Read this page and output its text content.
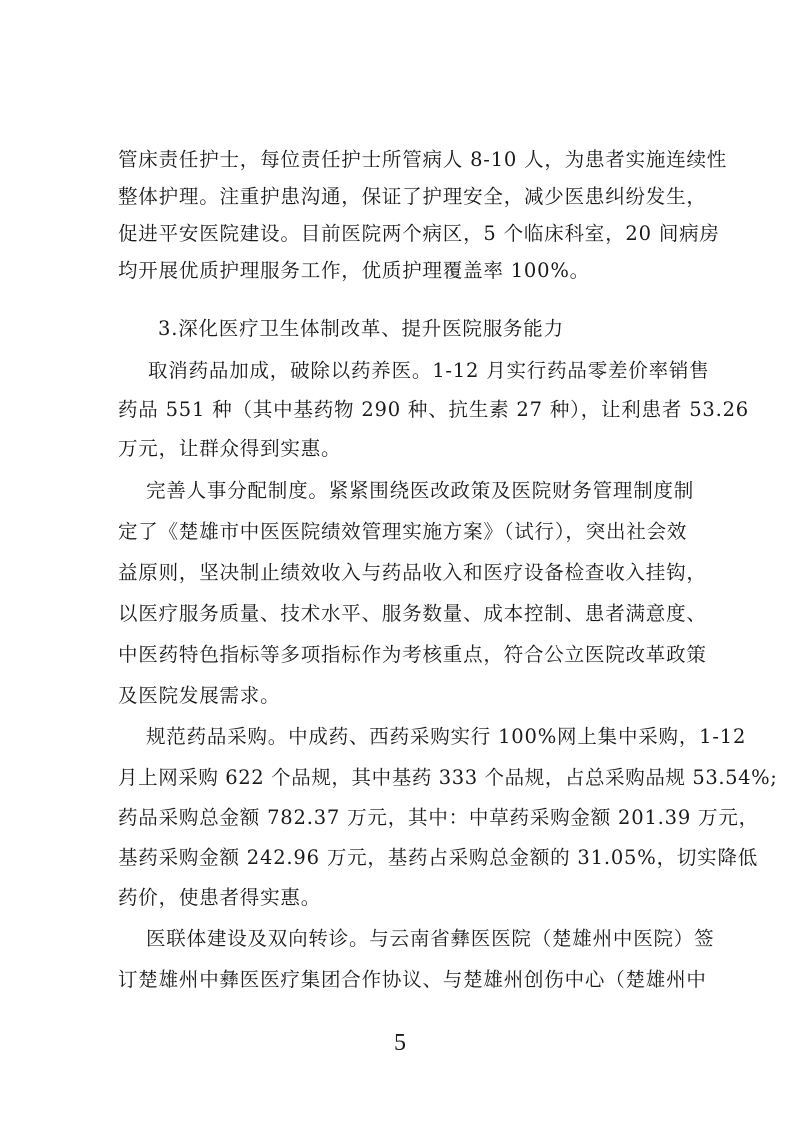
管床责任护士，每位责任护士所管病人 8-10 人，为患者实施连续性
整体护理。注重护患沟通，保证了护理安全，减少医患纠纷发生，
促进平安医院建设。目前医院两个病区，5 个临床科室，20 间病房
均开展优质护理服务工作，优质护理覆盖率 100%。
3.深化医疗卫生体制改革、提升医院服务能力
取消药品加成，破除以药养医。1-12 月实行药品零差价率销售
药品 551 种（其中基药物 290 种、抗生素 27 种），让利患者 53.26
万元，让群众得到实惠。
完善人事分配制度。紧紧围绕医改政策及医院财务管理制度制
定了《楚雄市中医医院绩效管理实施方案》（试行），突出社会效
益原则，坚决制止绩效收入与药品收入和医疗设备检查收入挂钩，
以医疗服务质量、技术水平、服务数量、成本控制、患者满意度、
中医药特色指标等多项指标作为考核重点，符合公立医院改革政策
及医院发展需求。
规范药品采购。中成药、西药采购实行 100%网上集中采购，1-12
月上网采购 622 个品规，其中基药 333 个品规，占总采购品规 53.54%;
药品采购总金额 782.37 万元，其中：中草药采购金额 201.39 万元，
基药采购金额 242.96 万元，基药占采购总金额的 31.05%，切实降低
药价，使患者得实惠。
医联体建设及双向转诊。与云南省彝医医院（楚雄州中医院）签
订楚雄州中彝医医疗集团合作协议、与楚雄州创伤中心（楚雄州中
5
